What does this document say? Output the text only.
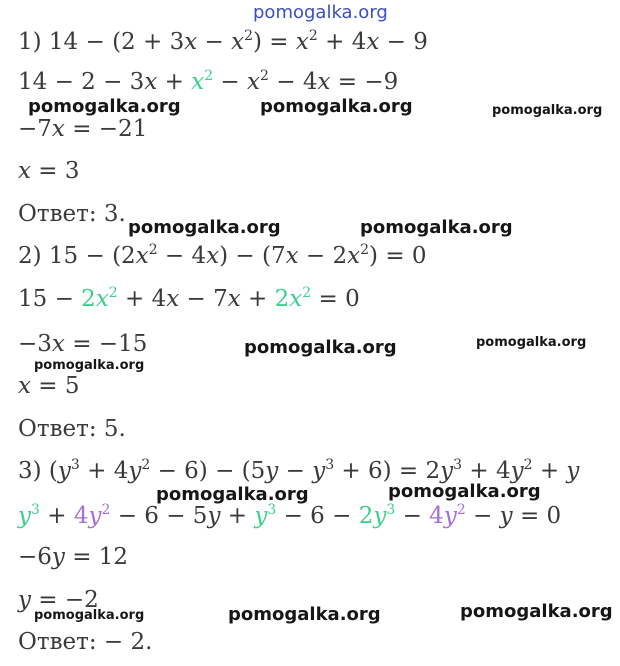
pomogalka.org
pomogalka.org	pomogalka.org	pomogalka.org
pomogalka.org	pomogalka.org
pomogalka.org	pomogalka.org
pomogalka.org
pomogalka.org	pomogalka.org
pomogalka.org	pomogalka.org
pomogalka.org
1) $14 - (2 + 3x - x^2) = x^2 + 4x - 9$
$14 - 2 - 3x + x^2 - x^2 - 4x = -9$
−7x = −21
x = 3
Ответ: 3.
2) $15 - (2x^2 - 4x) - (7x - 2x^2) = 0$
$15 - 2x^2 + 4x - 7x + 2x^2 = 0$
−3x = −15
x = 5
Ответ: 5.
3) $(y^3 + 4y^2 - 6) - (5y - y^3 + 6) = 2y^3 + 4y^2 + y$
$y^3 + 4y^2 - 6 - 5y + y^3 - 6 - 2y^3 - 4y^2 - y = 0$
−6y = 12
y = −2
Ответ: − 2.
